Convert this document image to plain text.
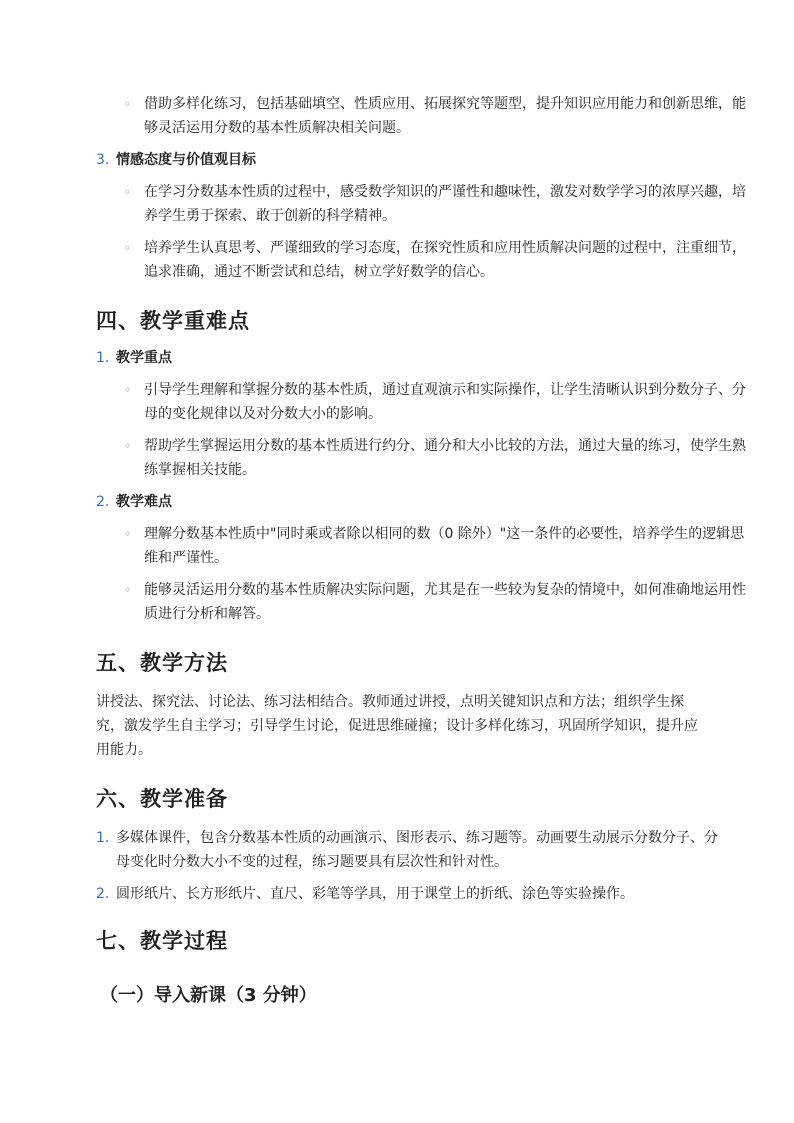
◦ 借助多样化练习，包括基础填空、性质应用、拓展探究等题型，提升知识应用能力和创新思维，能够灵活运用分数的基本性质解决相关问题。
3. 情感态度与价值观目标
◦ 在学习分数基本性质的过程中，感受数学知识的严谨性和趣味性，激发对数学学习的浓厚兴趣，培养学生勇于探索、敢于创新的科学精神。
◦ 培养学生认真思考、严谨细致的学习态度，在探究性质和应用性质解决问题的过程中，注重细节，追求准确，通过不断尝试和总结，树立学好数学的信心。
四、教学重难点
1. 教学重点
◦ 引导学生理解和掌握分数的基本性质，通过直观演示和实际操作，让学生清晰认识到分数分子、分母的变化规律以及对分数大小的影响。
◦ 帮助学生掌握运用分数的基本性质进行约分、通分和大小比较的方法，通过大量的练习，使学生熟练掌握相关技能。
2. 教学难点
◦ 理解分数基本性质中"同时乘或者除以相同的数（0 除外）"这一条件的必要性，培养学生的逻辑思维和严谨性。
◦ 能够灵活运用分数的基本性质解决实际问题，尤其是在一些较为复杂的情境中，如何准确地运用性质进行分析和解答。
五、教学方法
讲授法、探究法、讨论法、练习法相结合。教师通过讲授，点明关键知识点和方法；组织学生探究，激发学生自主学习；引导学生讨论，促进思维碰撞；设计多样化练习，巩固所学知识，提升应用能力。
六、教学准备
1. 多媒体课件，包含分数基本性质的动画演示、图形表示、练习题等。动画要生动展示分数分子、分母变化时分数大小不变的过程，练习题要具有层次性和针对性。
2. 圆形纸片、长方形纸片、直尺、彩笔等学具，用于课堂上的折纸、涂色等实验操作。
七、教学过程
（一）导入新课（3 分钟）
